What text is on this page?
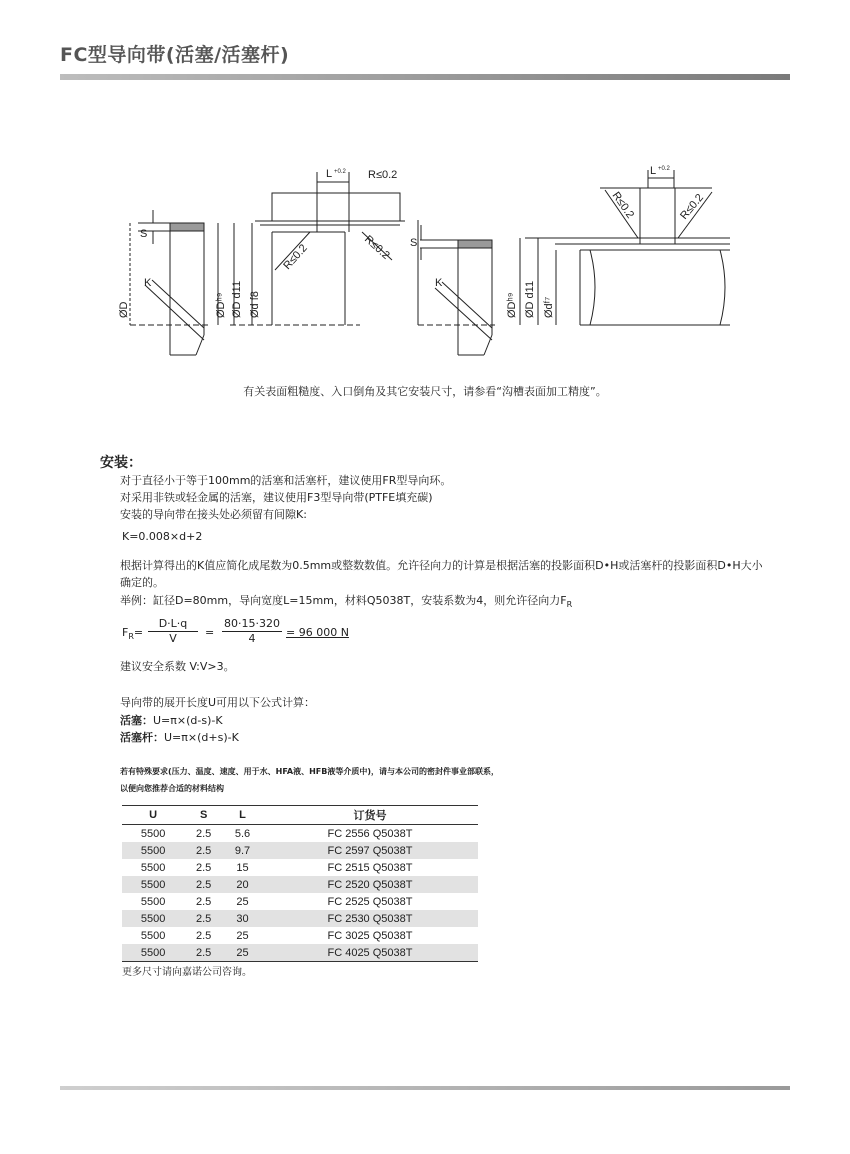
FC型导向带(活塞/活塞杆)
L +0.2 R≤0.2
S
K
L +0.2
S
K
ØD	ØDʰ⁹ ØD d11 Ød f8
R≤0.2	R≤0.2
ØDʰ⁹ ØD d11 Ødᶠ⁷
R≤0.2	R≤0.2
有关表面粗糙度、入口倒角及其它安装尺寸，请参看“沟槽表面加工精度”。
安装：
对于直径小于等于100mm的活塞和活塞杆，建议使用FR型导向环。
对采用非铁或轻金属的活塞，建议使用F3型导向带(PTFE填充碳)
安装的导向带在接头处必须留有间隙K:
K=0.008×d+2
根据计算得出的K值应简化成尾数为0.5mm或整数数值。允许径向力的计算是根据活塞的投影面积D•H或活塞杆的投影面积D•H大小
确定的。
举例：缸径D=80mm，导向宽度L=15mm，材料Q5038T，安装系数为4，则允许径向力$F_R$
$F_R= \frac{D\cdot L\cdot q}{V} = \frac{80\cdot 15\cdot 320}{4} = 96$ 000 N
建议安全系数 V:V>3。
导向带的展开长度U可用以下公式计算：
活塞：U=π×(d-s)-K
活塞杆：U=π×(d+s)-K
若有特殊要求(压力、温度、速度、用于水、HFA液、HFB液等介质中)，请与本公司的密封件事业部联系，
以便向您推荐合适的材料结构
U	S	L	订货号
5500	2.5	5.6	FC 2556 Q5038T
5500	2.5	9.7	FC 2597 Q5038T
5500	2.5	15	FC 2515 Q5038T
5500	2.5	20	FC 2520 Q5038T
5500	2.5	25	FC 2525 Q5038T
5500	2.5	30	FC 2530 Q5038T
5500	2.5	25	FC 3025 Q5038T
5500	2.5	25	FC 4025 Q5038T
更多尺寸请向嘉诺公司咨询。
